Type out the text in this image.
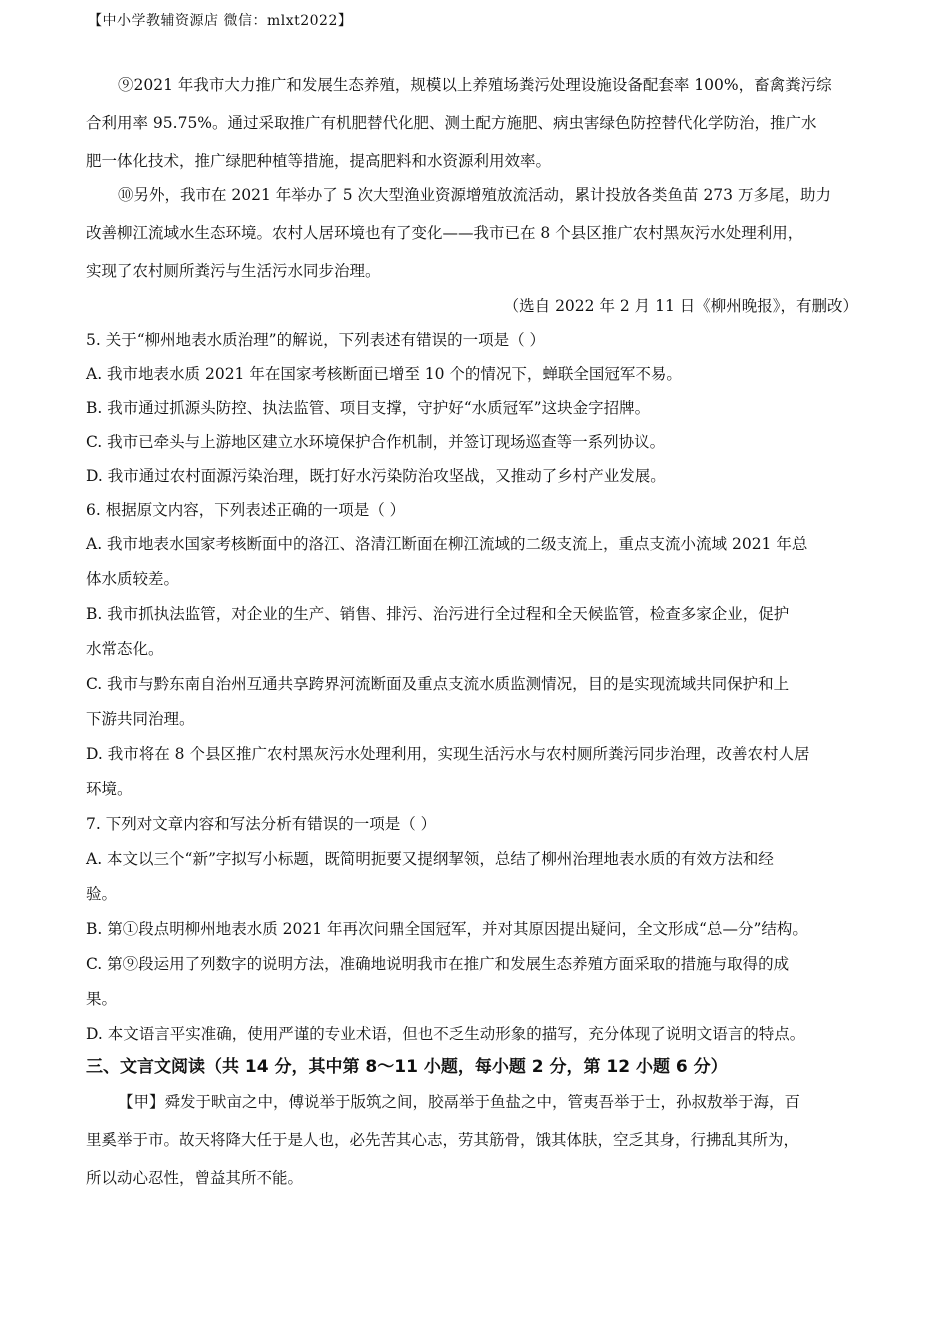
【中小学教辅资源店 微信：mlxt2022】

⑨2021 年我市大力推广和发展生态养殖，规模以上养殖场粪污处理设施设备配套率 100%，畜禽粪污综

合利用率 95.75%。通过采取推广有机肥替代化肥、测土配方施肥、病虫害绿色防控替代化学防治，推广水

肥一体化技术，推广绿肥种植等措施，提高肥料和水资源利用效率。

⑩另外，我市在 2021 年举办了 5 次大型渔业资源增殖放流活动，累计投放各类鱼苗 273 万多尾，助力

改善柳江流域水生态环境。农村人居环境也有了变化——我市已在 8 个县区推广农村黑灰污水处理利用，

实现了农村厕所粪污与生活污水同步治理。

（选自 2022 年 2 月 11 日《柳州晚报》，有删改）

5. 关于“柳州地表水质治理”的解说，下列表述有错误的一项是（ ）

A. 我市地表水质 2021 年在国家考核断面已增至 10 个的情况下，蝉联全国冠军不易。

B. 我市通过抓源头防控、执法监管、项目支撑，守护好“水质冠军”这块金字招牌。

C. 我市已牵头与上游地区建立水环境保护合作机制，并签订现场巡查等一系列协议。

D. 我市通过农村面源污染治理，既打好水污染防治攻坚战，又推动了乡村产业发展。

6. 根据原文内容，下列表述正确的一项是（ ）

A. 我市地表水国家考核断面中的洛江、洛清江断面在柳江流域的二级支流上，重点支流小流域 2021 年总

体水质较差。

B. 我市抓执法监管，对企业的生产、销售、排污、治污进行全过程和全天候监管，检查多家企业，促护

水常态化。

C. 我市与黔东南自治州互通共享跨界河流断面及重点支流水质监测情况，目的是实现流域共同保护和上

下游共同治理。

D. 我市将在 8 个县区推广农村黑灰污水处理利用，实现生活污水与农村厕所粪污同步治理，改善农村人居

环境。

7. 下列对文章内容和写法分析有错误的一项是（ ）

A. 本文以三个“新”字拟写小标题，既简明扼要又提纲挈领，总结了柳州治理地表水质的有效方法和经

验。

B. 第①段点明柳州地表水质 2021 年再次问鼎全国冠军，并对其原因提出疑问，全文形成“总—分”结构。

C. 第⑨段运用了列数字的说明方法，准确地说明我市在推广和发展生态养殖方面采取的措施与取得的成

果。

D. 本文语言平实准确，使用严谨的专业术语，但也不乏生动形象的描写，充分体现了说明文语言的特点。

三、文言文阅读（共 14 分，其中第 8～11 小题，每小题 2 分，第 12 小题 6 分）

【甲】舜发于畎亩之中，傅说举于版筑之间，胶鬲举于鱼盐之中，管夷吾举于士，孙叔敖举于海，百

里奚举于市。故天将降大任于是人也，必先苦其心志，劳其筋骨，饿其体肤，空乏其身，行拂乱其所为，

所以动心忍性，曾益其所不能。
